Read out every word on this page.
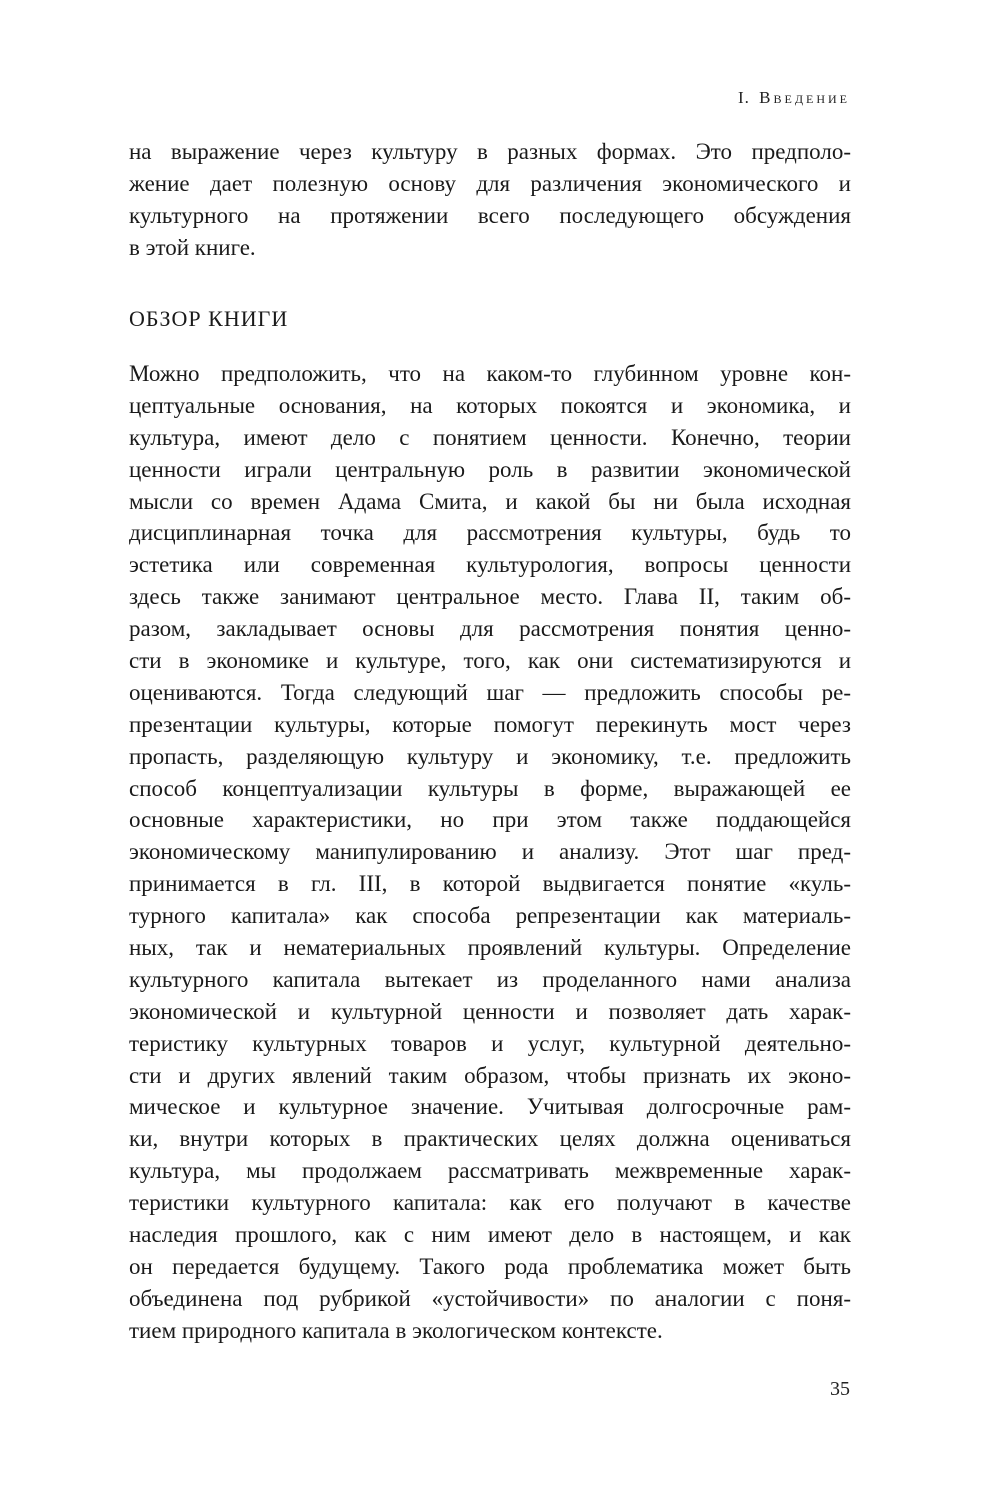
I. Введение
на выражение через культуру в разных формах. Это предполо-
жение дает полезную основу для различения экономического и
культурного на протяжении всего последующего обсуждения
в этой книге.
ОБЗОР КНИГИ
Можно предположить, что на каком-то глубинном уровне кон-
цептуальные основания, на которых покоятся и экономика, и
культура, имеют дело с понятием ценности. Конечно, теории
ценности играли центральную роль в развитии экономической
мысли со времен Адама Смита, и какой бы ни была исходная
дисциплинарная точка для рассмотрения культуры, будь то
эстетика или современная культурология, вопросы ценности
здесь также занимают центральное место. Глава II, таким об-
разом, закладывает основы для рассмотрения понятия ценно-
сти в экономике и культуре, того, как они систематизируются и
оцениваются. Тогда следующий шаг — предложить способы ре-
презентации культуры, которые помогут перекинуть мост через
пропасть, разделяющую культуру и экономику, т.е. предложить
способ концептуализации культуры в форме, выражающей ее
основные характеристики, но при этом также поддающейся
экономическому манипулированию и анализу. Этот шаг пред-
принимается в гл. III, в которой выдвигается понятие «куль-
турного капитала» как способа репрезентации как материаль-
ных, так и нематериальных проявлений культуры. Определение
культурного капитала вытекает из проделанного нами анализа
экономической и культурной ценности и позволяет дать харак-
теристику культурных товаров и услуг, культурной деятельно-
сти и других явлений таким образом, чтобы признать их эконо-
мическое и культурное значение. Учитывая долгосрочные рам-
ки, внутри которых в практических целях должна оцениваться
культура, мы продолжаем рассматривать межвременные харак-
теристики культурного капитала: как его получают в качестве
наследия прошлого, как с ним имеют дело в настоящем, и как
он передается будущему. Такого рода проблематика может быть
объединена под рубрикой «устойчивости» по аналогии с поня-
тием природного капитала в экологическом контексте.
35
